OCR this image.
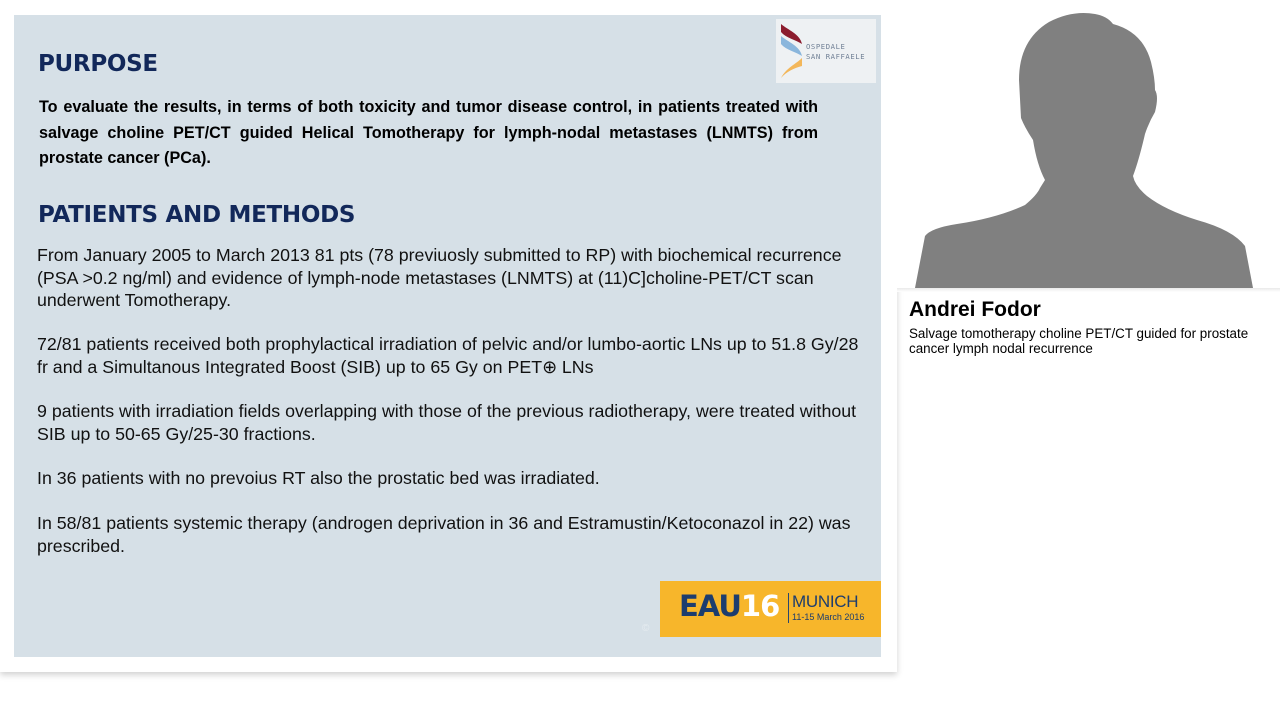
OSPEDALE
SAN RAFFAELE
PURPOSE

To evaluate the results, in terms of both toxicity and tumor disease control, in patients treated with salvage choline PET/CT guided Helical Tomotherapy for lymph-nodal metastases (LNMTS) from prostate cancer (PCa).

PATIENTS AND METHODS

From January 2005 to March 2013 81 pts (78 previuosly submitted to RP) with biochemical recurrence (PSA >0.2 ng/ml) and evidence of lymph-node metastases (LNMTS) at (11)C]choline-PET/CT scan underwent Tomotherapy.

72/81 patients received both prophylactical irradiation of pelvic and/or lumbo-aortic LNs up to 51.8 Gy/28 fr and a Simultanous Integrated Boost (SIB) up to 65 Gy on PET⊕ LNs

9 patients with irradiation fields overlapping with those of the previous radiotherapy, were treated without SIB up to 50-65 Gy/25-30 fractions.

In 36 patients with no prevoius RT also the prostatic bed was irradiated.

In 58/81 patients systemic therapy (androgen deprivation in 36 and Estramustin/Ketoconazol in 22) was prescribed.

©
EAU16 MUNICH
11-15 March 2016
Andrei Fodor

Salvage tomotherapy choline PET/CT guided for prostate cancer lymph nodal recurrence
